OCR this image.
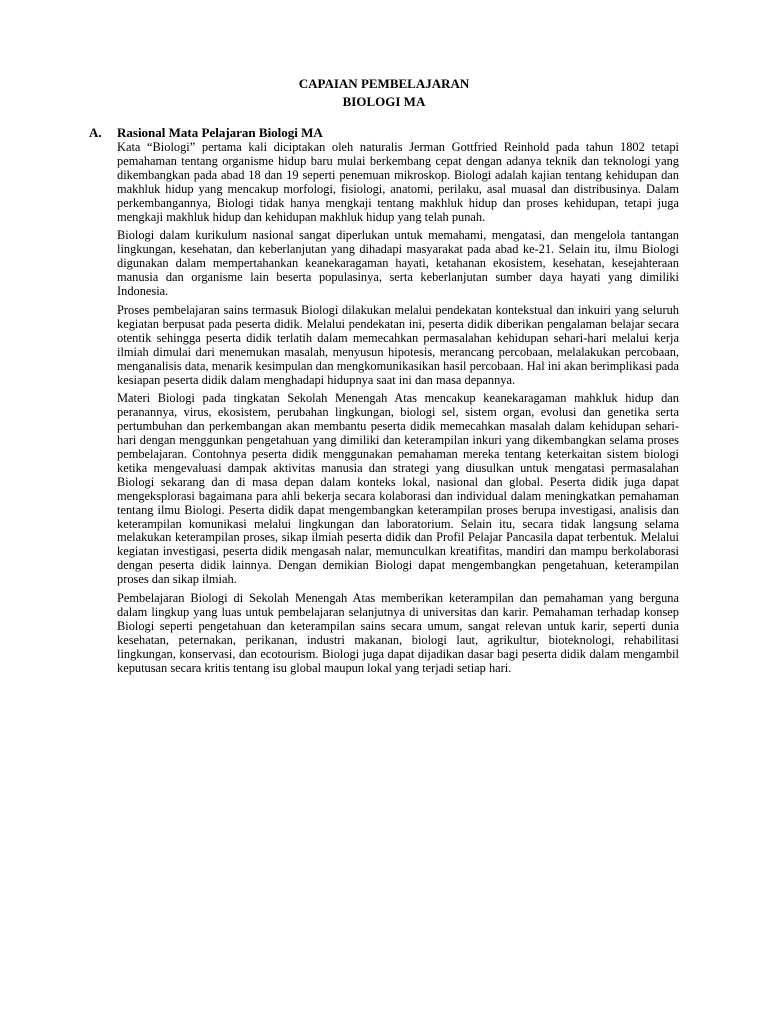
CAPAIAN PEMBELAJARAN

BIOLOGI MA

A. Rasional Mata Pelajaran Biologi MA

Kata “Biologi” pertama kali diciptakan oleh naturalis Jerman Gottfried Reinhold pada tahun 1802 tetapi pemahaman tentang organisme hidup baru mulai berkembang cepat dengan adanya teknik dan teknologi yang dikembangkan pada abad 18 dan 19 seperti penemuan mikroskop. Biologi adalah kajian tentang kehidupan dan makhluk hidup yang mencakup morfologi, fisiologi, anatomi, perilaku, asal muasal dan distribusinya. Dalam perkembangannya, Biologi tidak hanya mengkaji tentang makhluk hidup dan proses kehidupan, tetapi juga mengkaji makhluk hidup dan kehidupan makhluk hidup yang telah punah.

Biologi dalam kurikulum nasional sangat diperlukan untuk memahami, mengatasi, dan mengelola tantangan lingkungan, kesehatan, dan keberlanjutan yang dihadapi masyarakat pada abad ke-21. Selain itu, ilmu Biologi digunakan dalam mempertahankan keanekaragaman hayati, ketahanan ekosistem, kesehatan, kesejahteraan manusia dan organisme lain beserta populasinya, serta keberlanjutan sumber daya hayati yang dimiliki Indonesia.

Proses pembelajaran sains termasuk Biologi dilakukan melalui pendekatan kontekstual dan inkuiri yang seluruh kegiatan berpusat pada peserta didik. Melalui pendekatan ini, peserta didik diberikan pengalaman belajar secara otentik sehingga peserta didik terlatih dalam memecahkan permasalahan kehidupan sehari-hari melalui kerja ilmiah dimulai dari menemukan masalah, menyusun hipotesis, merancang percobaan, melalakukan percobaan, menganalisis data, menarik kesimpulan dan mengkomunikasikan hasil percobaan. Hal ini akan berimplikasi pada kesiapan peserta didik dalam menghadapi hidupnya saat ini dan masa depannya.

Materi Biologi pada tingkatan Sekolah Menengah Atas mencakup keanekaragaman mahkluk hidup dan peranannya, virus, ekosistem, perubahan lingkungan, biologi sel, sistem organ, evolusi dan genetika serta pertumbuhan dan perkembangan akan membantu peserta didik memecahkan masalah dalam kehidupan sehari-hari dengan menggunkan pengetahuan yang dimiliki dan keterampilan inkuri yang dikembangkan selama proses pembelajaran. Contohnya peserta didik menggunakan pemahaman mereka tentang keterkaitan sistem biologi ketika mengevaluasi dampak aktivitas manusia dan strategi yang diusulkan untuk mengatasi permasalahan Biologi sekarang dan di masa depan dalam konteks lokal, nasional dan global. Peserta didik juga dapat mengeksplorasi bagaimana para ahli bekerja secara kolaborasi dan individual dalam meningkatkan pemahaman tentang ilmu Biologi. Peserta didik dapat mengembangkan keterampilan proses berupa investigasi, analisis dan keterampilan komunikasi melalui lingkungan dan laboratorium. Selain itu, secara tidak langsung selama melakukan keterampilan proses, sikap ilmiah peserta didik dan Profil Pelajar Pancasila dapat terbentuk. Melalui kegiatan investigasi, peserta didik mengasah nalar, memunculkan kreatifitas, mandiri dan mampu berkolaborasi dengan peserta didik lainnya. Dengan demikian Biologi dapat mengembangkan pengetahuan, keterampilan proses dan sikap ilmiah.

Pembelajaran Biologi di Sekolah Menengah Atas memberikan keterampilan dan pemahaman yang berguna dalam lingkup yang luas untuk pembelajaran selanjutnya di universitas dan karir. Pemahaman terhadap konsep Biologi seperti pengetahuan dan keterampilan sains secara umum, sangat relevan untuk karir, seperti dunia kesehatan, peternakan, perikanan, industri makanan, biologi laut, agrikultur, bioteknologi, rehabilitasi lingkungan, konservasi, dan ecotourism. Biologi juga dapat dijadikan dasar bagi peserta didik dalam mengambil keputusan secara kritis tentang isu global maupun lokal yang terjadi setiap hari.
